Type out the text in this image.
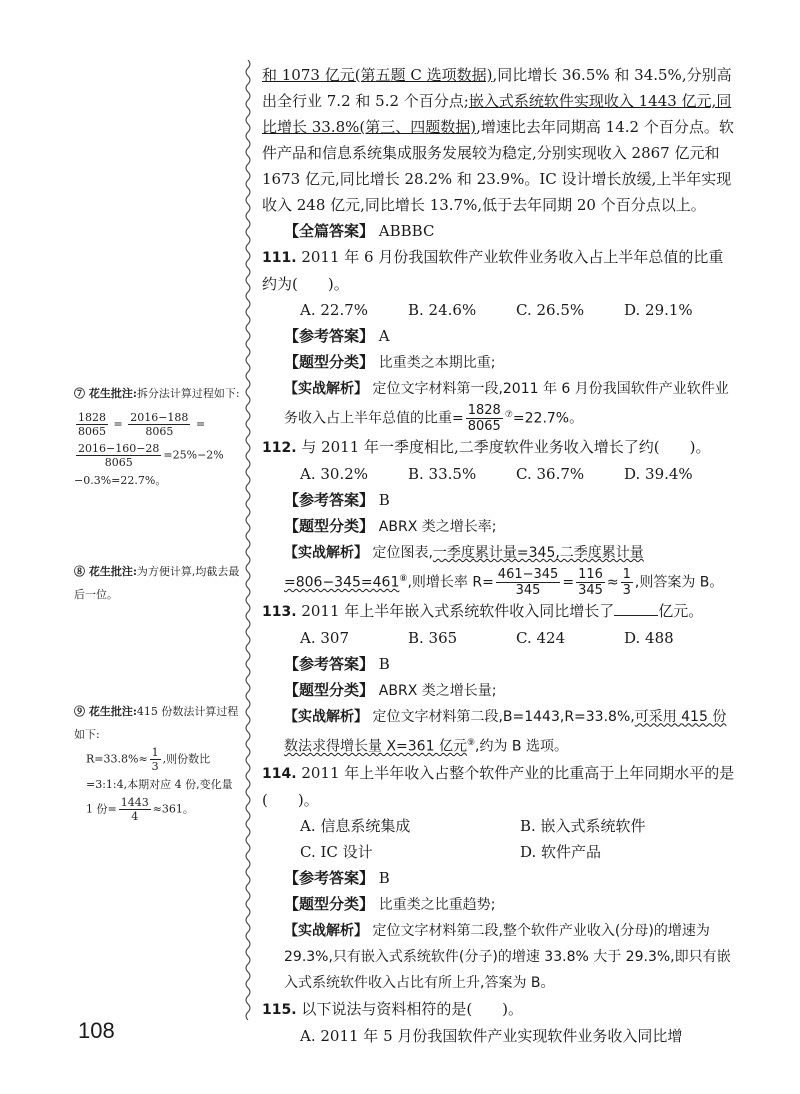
⑦ 花生批注:拆分法计算过程如下:
$\frac{1828}{8065} = \frac{2016-188}{8065}$ =
$\frac{2016-160-28}{8065} =25\%-2\%-0.3\%=22.7\%$。
⑧ 花生批注:为方便计算,均截去最后一位。
⑨ 花生批注:415 份数法计算过程如下:
$R=33.8\%\approx \frac{1}{3}$ ,则份数比=3:1:4,本期对应 4 份,变化量 1 份= $\frac{1443}{4} \approx 361$。

和 1073 亿元(第五题 C 选项数据),同比增长 36.5% 和 34.5%,分别高出全行业 7.2 和 5.2 个百分点;嵌入式系统软件实现收入 1443 亿元,同比增长 33.8%(第三、四题数据),增速比去年同期高 14.2 个百分点。软件产品和信息系统集成服务发展较为稳定,分别实现收入 2867 亿元和 1673 亿元,同比增长 28.2% 和 23.9%。IC 设计增长放缓,上半年实现收入 248 亿元,同比增长 13.7%,低于去年同期 20 个百分点以上。

【全篇答案】 ABBBC

111. 2011 年 6 月份我国软件产业软件业务收入占上半年总值的比重约为(　　)。

A. 22.7%	B. 24.6%	C. 26.5%	D. 29.1%

【参考答案】 A

【题型分类】 比重类之本期比重;

【实战解析】 定位文字材料第一段,2011 年 6 月份我国软件产业软件业务收入占上半年总值的比重= $\frac{1828}{8065} ^⑦=22.7\%$。

112. 与 2011 年一季度相比,二季度软件业务收入增长了约(　　)。

A. 30.2%	B. 33.5%	C. 36.7%	D. 39.4%

【参考答案】 B

【题型分类】 ABRX 类之增长率;

【实战解析】 定位图表,一季度累计量=345,二季度累计量=806−345=461⑧,则增长率 $R= \frac{461-345}{345} = \frac{116}{345} \approx \frac{1}{3}$ ,则答案为 B。

113. 2011 年上半年嵌入式系统软件收入同比增长了	亿元。

A. 307	B. 365	C. 424	D. 488

【参考答案】 B

【题型分类】 ABRX 类之增长量;

【实战解析】 定位文字材料第二段,B=1443,R=33.8%,可采用 415 份数法求得增长量 X=361 亿元⑨,约为 B 选项。

114. 2011 年上半年收入占整个软件产业的比重高于上年同期水平的是(　　)。

A. 信息系统集成	B. 嵌入式系统软件
C. IC 设计	D. 软件产品

【参考答案】 B

【题型分类】 比重类之比重趋势;

【实战解析】 定位文字材料第二段,整个软件产业收入(分母)的增速为 29.3%,只有嵌入式系统软件(分子)的增速 33.8% 大于 29.3%,即只有嵌入式系统软件收入占比有所上升,答案为 B。

115. 以下说法与资料相符的是(　　)。

A. 2011 年 5 月份我国软件产业实现软件业务收入同比增

108
